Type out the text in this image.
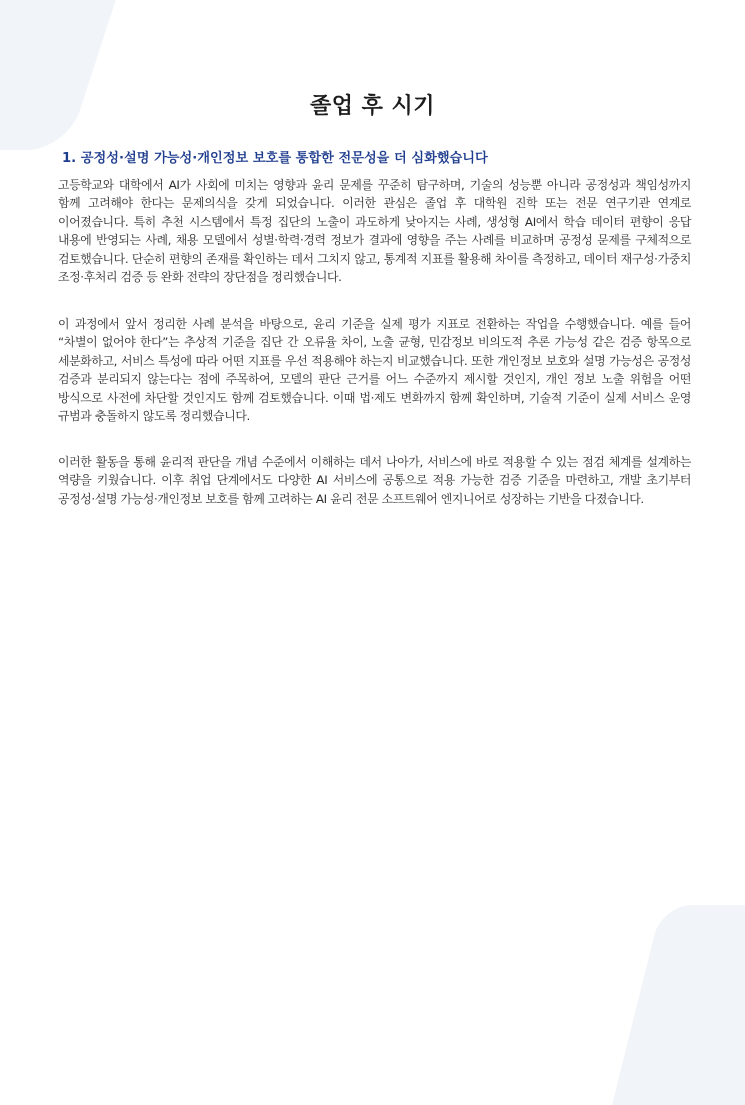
졸업 후 시기
1. 공정성·설명 가능성·개인정보 보호를 통합한 전문성을 더 심화했습니다

고등학교와 대학에서 AI가 사회에 미치는 영향과 윤리 문제를 꾸준히 탐구하며, 기술의 성능뿐 아니라 공정성과 책임성까지 함께 고려해야 한다는 문제의식을 갖게 되었습니다. 이러한 관심은 졸업 후 대학원 진학 또는 전문 연구기관 연계로 이어졌습니다. 특히 추천 시스템에서 특정 집단의 노출이 과도하게 낮아지는 사례, 생성형 AI에서 학습 데이터 편향이 응답 내용에 반영되는 사례, 채용 모델에서 성별·학력·경력 정보가 결과에 영향을 주는 사례를 비교하며 공정성 문제를 구체적으로 검토했습니다. 단순히 편향의 존재를 확인하는 데서 그치지 않고, 통계적 지표를 활용해 차이를 측정하고, 데이터 재구성·가중치 조정·후처리 검증 등 완화 전략의 장단점을 정리했습니다.

이 과정에서 앞서 정리한 사례 분석을 바탕으로, 윤리 기준을 실제 평가 지표로 전환하는 작업을 수행했습니다. 예를 들어 “차별이 없어야 한다”는 추상적 기준을 집단 간 오류율 차이, 노출 균형, 민감정보 비의도적 추론 가능성 같은 검증 항목으로 세분화하고, 서비스 특성에 따라 어떤 지표를 우선 적용해야 하는지 비교했습니다. 또한 개인정보 보호와 설명 가능성은 공정성 검증과 분리되지 않는다는 점에 주목하여, 모델의 판단 근거를 어느 수준까지 제시할 것인지, 개인 정보 노출 위험을 어떤 방식으로 사전에 차단할 것인지도 함께 검토했습니다. 이때 법·제도 변화까지 함께 확인하며, 기술적 기준이 실제 서비스 운영 규범과 충돌하지 않도록 정리했습니다.

이러한 활동을 통해 윤리적 판단을 개념 수준에서 이해하는 데서 나아가, 서비스에 바로 적용할 수 있는 점검 체계를 설계하는 역량을 키웠습니다. 이후 취업 단계에서도 다양한 AI 서비스에 공통으로 적용 가능한 검증 기준을 마련하고, 개발 초기부터 공정성·설명 가능성·개인정보 보호를 함께 고려하는 AI 윤리 전문 소프트웨어 엔지니어로 성장하는 기반을 다졌습니다.
